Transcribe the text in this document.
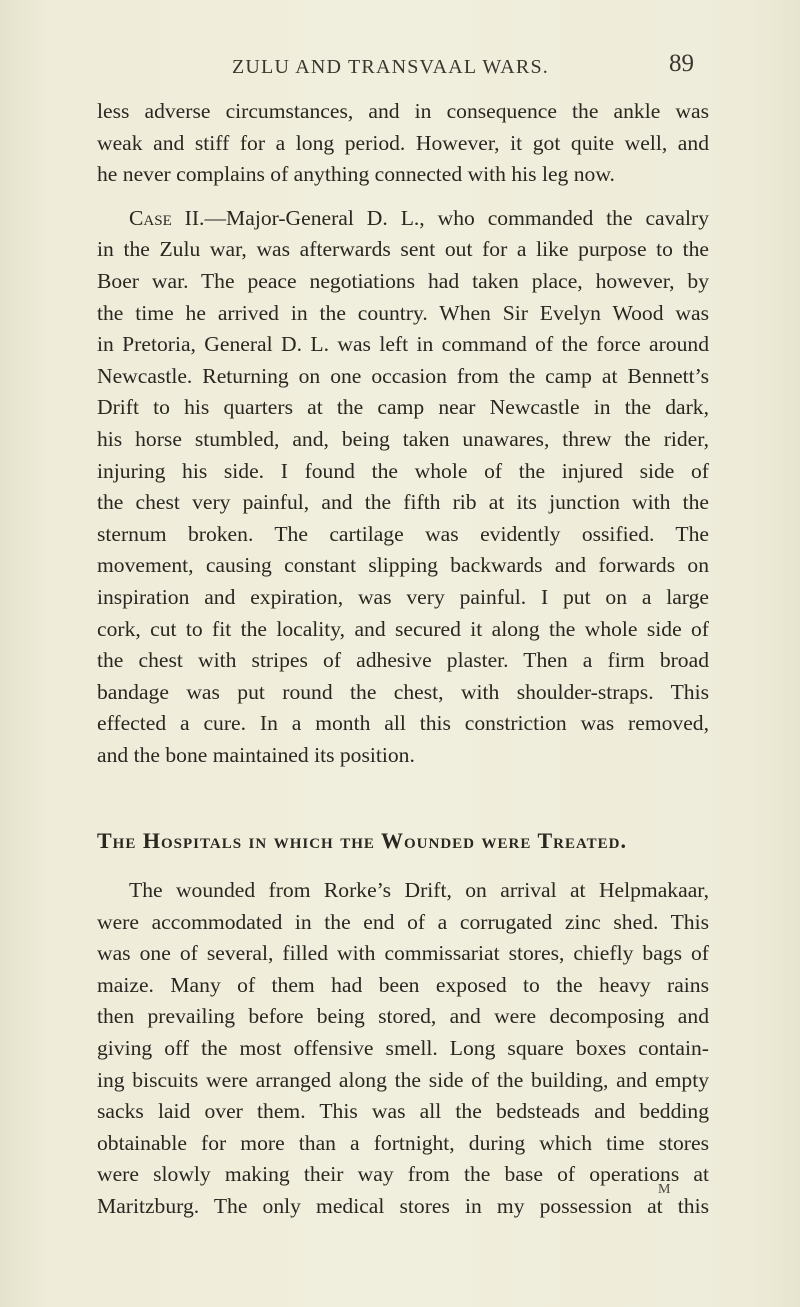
ZULU AND TRANSVAAL WARS.	89

less adverse circumstances, and in consequence the ankle was

weak and stiff for a long period. However, it got quite well, and

he never complains of anything connected with his leg now.

Case II.—Major-General D. L., who commanded the cavalry

in the Zulu war, was afterwards sent out for a like purpose to the

Boer war. The peace negotiations had taken place, however, by

the time he arrived in the country. When Sir Evelyn Wood was

in Pretoria, General D. L. was left in command of the force around

Newcastle. Returning on one occasion from the camp at Bennett’s

Drift to his quarters at the camp near Newcastle in the dark,

his horse stumbled, and, being taken unawares, threw the rider,

injuring his side. I found the whole of the injured side of

the chest very painful, and the fifth rib at its junction with the

sternum broken. The cartilage was evidently ossified. The

movement, causing constant slipping backwards and forwards on

inspiration and expiration, was very painful. I put on a large

cork, cut to fit the locality, and secured it along the whole side of

the chest with stripes of adhesive plaster. Then a firm broad

bandage was put round the chest, with shoulder-straps. This

effected a cure. In a month all this constriction was removed,

and the bone maintained its position.

The Hospitals in which the Wounded were Treated.

The wounded from Rorke’s Drift, on arrival at Helpmakaar,

were accommodated in the end of a corrugated zinc shed. This

was one of several, filled with commissariat stores, chiefly bags of

maize. Many of them had been exposed to the heavy rains

then prevailing before being stored, and were decomposing and

giving off the most offensive smell. Long square boxes contain-

ing biscuits were arranged along the side of the building, and empty

sacks laid over them. This was all the bedsteads and bedding

obtainable for more than a fortnight, during which time stores

were slowly making their way from the base of operations at

Maritzburg. The only medical stores in my possession at this

M
